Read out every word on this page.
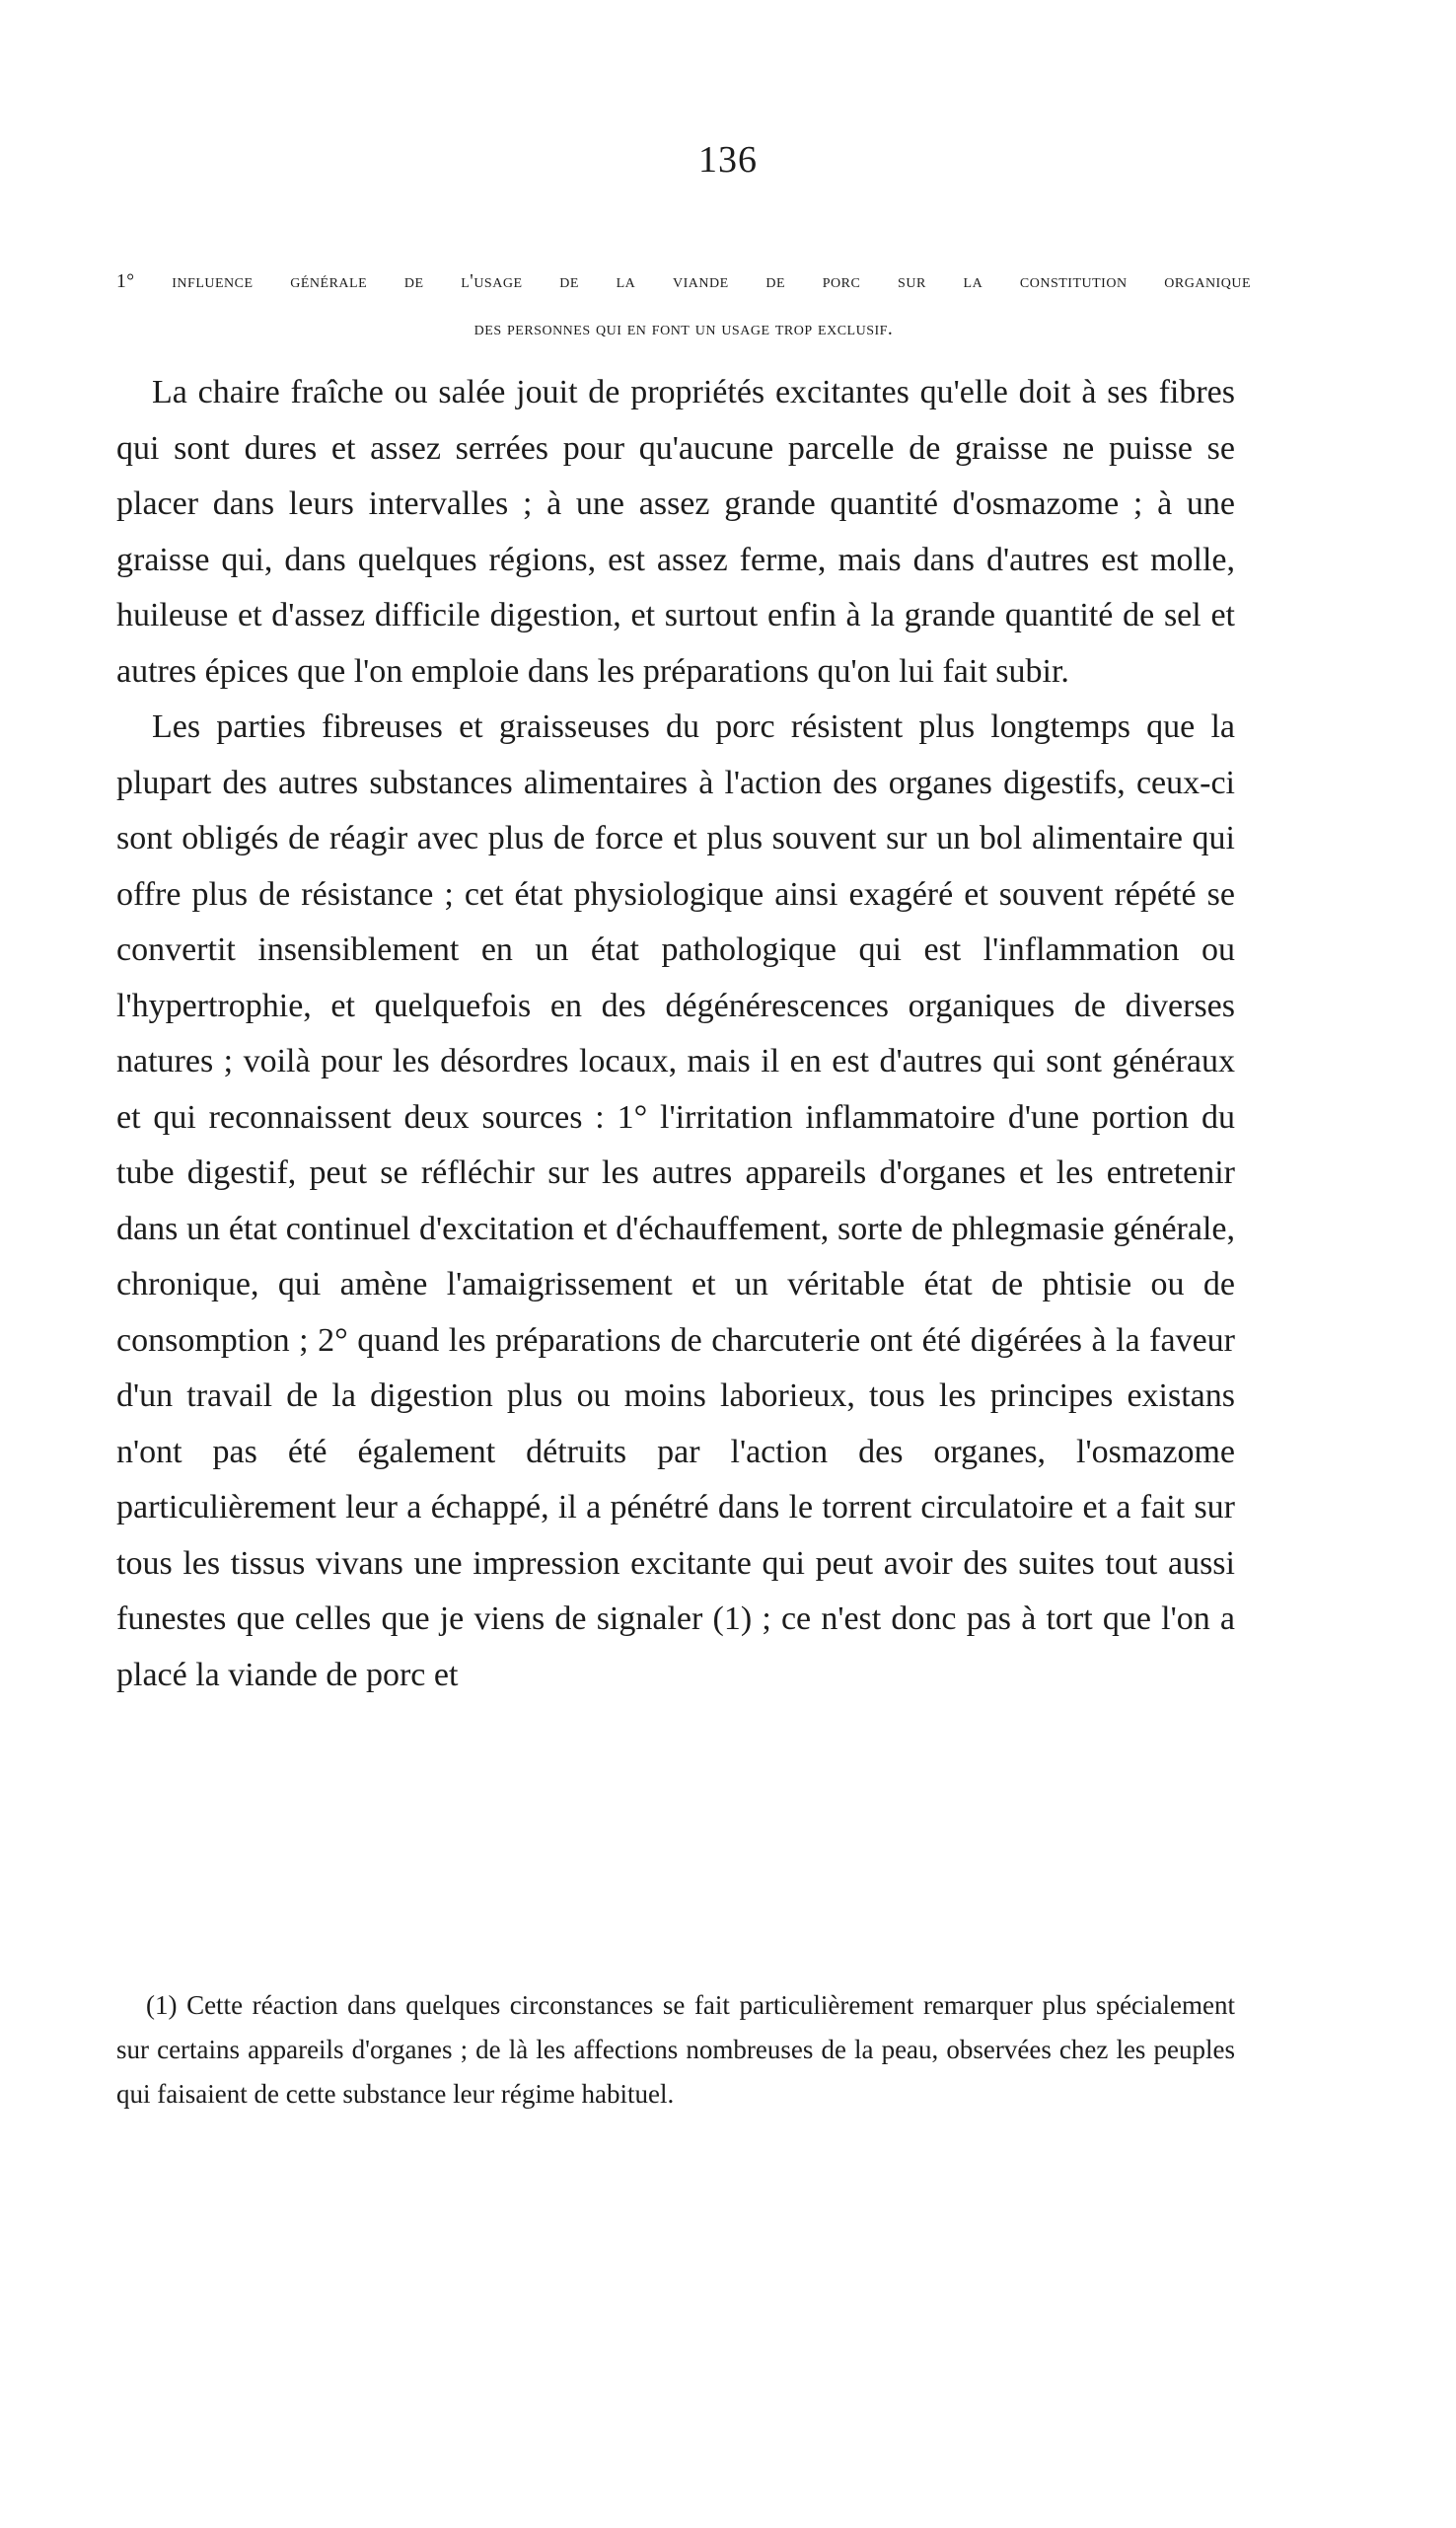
136
1° influence générale de l'usage de la viande de porc sur la constitution organique
des personnes qui en font un usage trop exclusif.

La chaire fraîche ou salée jouit de propriétés excitantes qu'elle doit à ses fibres qui sont dures et assez serrées pour qu'aucune parcelle de graisse ne puisse se placer dans leurs intervalles ; à une assez grande quantité d'osmazome ; à une graisse qui, dans quelques régions, est assez ferme, mais dans d'autres est molle, huileuse et d'assez difficile digestion, et surtout enfin à la grande quantité de sel et autres épices que l'on emploie dans les préparations qu'on lui fait subir.

Les parties fibreuses et graisseuses du porc résistent plus longtemps que la plupart des autres substances alimentaires à l'action des organes digestifs, ceux-ci sont obligés de réagir avec plus de force et plus souvent sur un bol alimentaire qui offre plus de résistance ; cet état physiologique ainsi exagéré et souvent répété se convertit insensiblement en un état pathologique qui est l'inflammation ou l'hypertrophie, et quelquefois en des dégénérescences organiques de diverses natures ; voilà pour les désordres locaux, mais il en est d'autres qui sont généraux et qui reconnaissent deux sources : 1° l'irritation inflammatoire d'une portion du tube digestif, peut se réfléchir sur les autres appareils d'organes et les entretenir dans un état continuel d'excitation et d'échauffement, sorte de phlegmasie générale, chronique, qui amène l'amaigrissement et un véritable état de phtisie ou de consomption ; 2° quand les préparations de charcuterie ont été digérées à la faveur d'un travail de la digestion plus ou moins laborieux, tous les principes existans n'ont pas été également détruits par l'action des organes, l'osmazome particulièrement leur a échappé, il a pénétré dans le torrent circulatoire et a fait sur tous les tissus vivans une impression excitante qui peut avoir des suites tout aussi funestes que celles que je viens de signaler (1) ; ce n'est donc pas à tort que l'on a placé la viande de porc et

(1) Cette réaction dans quelques circonstances se fait particulièrement remarquer plus spécialement sur certains appareils d'organes ; de là les affections nombreuses de la peau, observées chez les peuples qui faisaient de cette substance leur régime habituel.
